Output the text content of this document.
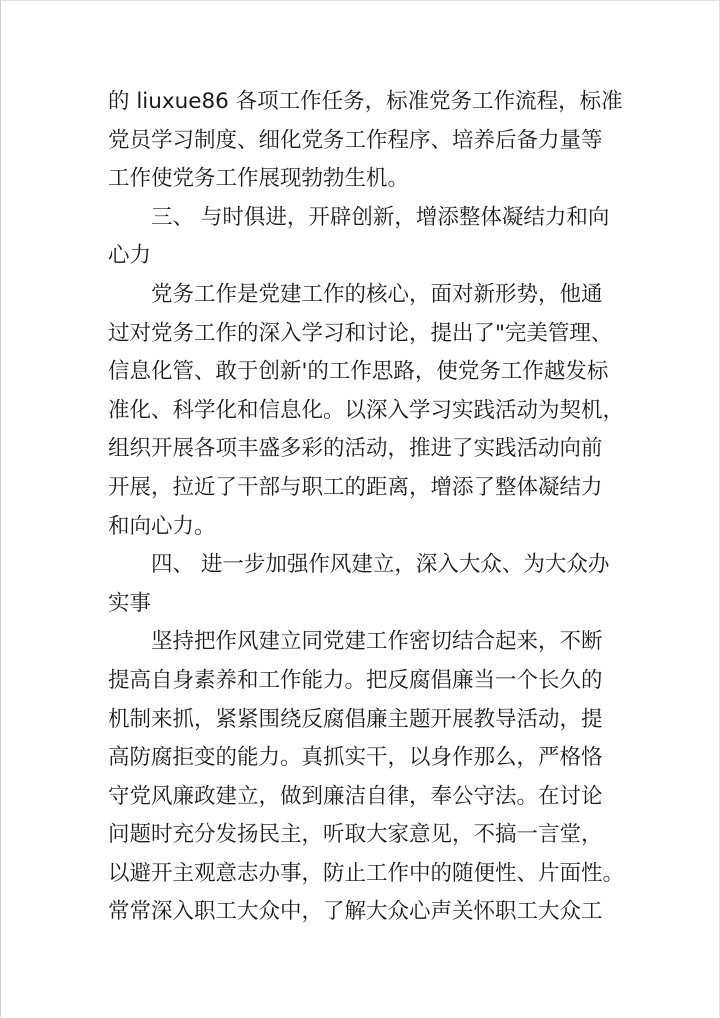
的 liuxue86 各项工作任务，标准党务工作流程，标准
党员学习制度、细化党务工作程序、培养后备力量等
工作使党务工作展现勃勃生机。
三、 与时俱进，开辟创新，增添整体凝结力和向
心力
党务工作是党建工作的核心，面对新形势，他通
过对党务工作的深入学习和讨论，提出了"完美管理、
信息化管、敢于创新'的工作思路，使党务工作越发标
准化、科学化和信息化。以深入学习实践活动为契机，
组织开展各项丰盛多彩的活动，推进了实践活动向前
开展，拉近了干部与职工的距离，增添了整体凝结力
和向心力。
四、 进一步加强作风建立，深入大众、为大众办
实事
坚持把作风建立同党建工作密切结合起来，不断
提高自身素养和工作能力。把反腐倡廉当一个长久的
机制来抓，紧紧围绕反腐倡廉主题开展教导活动，提
高防腐拒变的能力。真抓实干，以身作那么，严格恪
守党风廉政建立，做到廉洁自律，奉公守法。在讨论
问题时充分发扬民主，听取大家意见，不搞一言堂，
以避开主观意志办事，防止工作中的随便性、片面性。
常常深入职工大众中，了解大众心声关怀职工大众工
